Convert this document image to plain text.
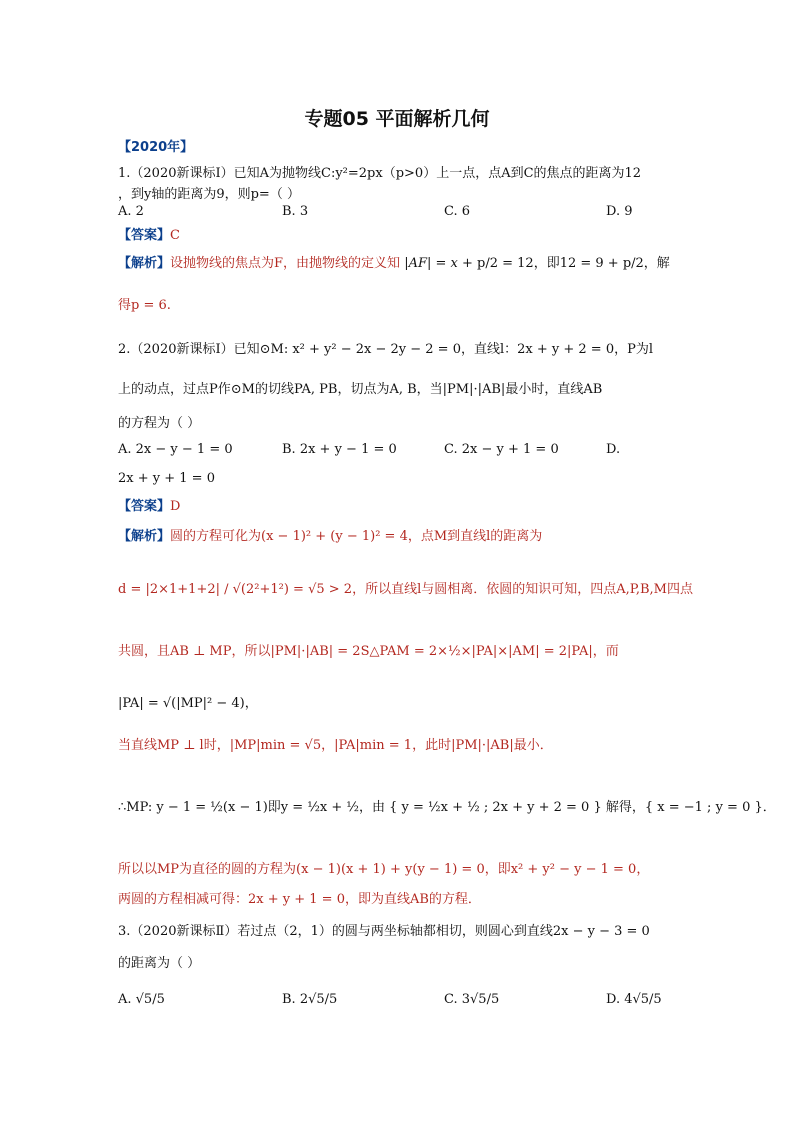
专题05 平面解析几何
【2020年】
1.（2020新课标Ⅰ）已知A为抛物线C:y²=2px（p>0）上一点，点A到C的焦点的距离为12
，到y轴的距离为9，则p=（ ）
A. 2	B. 3	C. 6	D. 9
【答案】C
【解析】设抛物线的焦点为F，由抛物线的定义知 |AF| = x + p/2 = 12，即12 = 9 + p/2，解
得p = 6.
2.（2020新课标Ⅰ）已知⊙M: x² + y² − 2x − 2y − 2 = 0，直线l：2x + y + 2 = 0，P为l
上的动点，过点P作⊙M的切线PA, PB，切点为A, B，当|PM|·|AB|最小时，直线AB
的方程为（ ）
A. 2x − y − 1 = 0	B. 2x + y − 1 = 0	C. 2x − y + 1 = 0	D.
2x + y + 1 = 0
【答案】D
【解析】圆的方程可化为(x − 1)² + (y − 1)² = 4，点M到直线l的距离为
d = |2×1+1+2| / √(2²+1²) = √5 > 2，所以直线l与圆相离．依圆的知识可知，四点A,P,B,M四点
共圆，且AB ⊥ MP，所以|PM|·|AB| = 2S△PAM = 2×½×|PA|×|AM| = 2|PA|，而
|PA| = √(|MP|² − 4)，
当直线MP ⊥ l时，|MP|min = √5，|PA|min = 1，此时|PM|·|AB|最小．
∴MP: y − 1 = ½(x − 1)即y = ½x + ½，由 { y = ½x + ½ ; 2x + y + 2 = 0 } 解得，{ x = −1 ; y = 0 }．
所以以MP为直径的圆的方程为(x − 1)(x + 1) + y(y − 1) = 0，即x² + y² − y − 1 = 0，
两圆的方程相减可得：2x + y + 1 = 0，即为直线AB的方程．
3.（2020新课标Ⅱ）若过点（2，1）的圆与两坐标轴都相切，则圆心到直线2x − y − 3 = 0
的距离为（ ）
A. √5/5	B. 2√5/5	C. 3√5/5	D. 4√5/5
